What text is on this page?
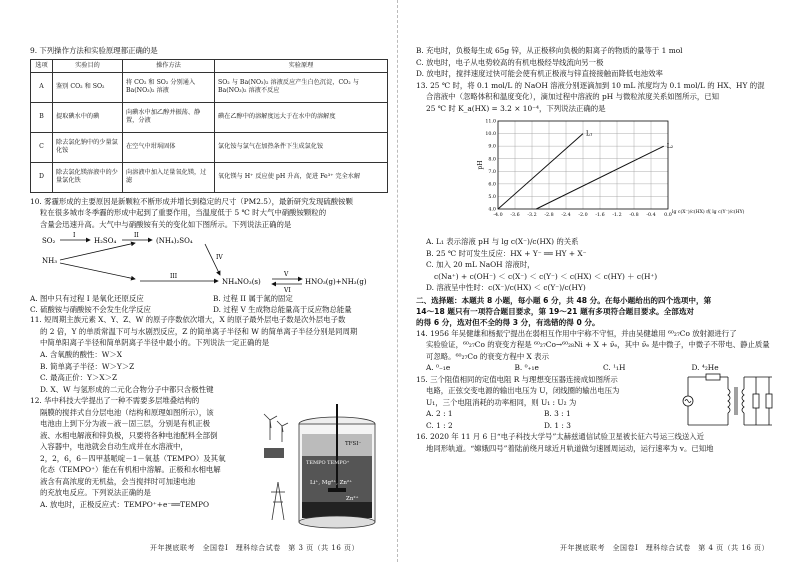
9. 下列操作方法和实验原理都正确的是
选项	实验目的	操作方法	实验原理
A	鉴别 CO₂ 和 SO₂	将 CO₂ 和 SO₂ 分别通入 Ba(NO₃)₂ 溶液	SO₂ 与 Ba(NO₃)₂ 溶液反应产生白色沉淀，CO₂ 与 Ba(NO₃)₂ 溶液不反应
B	提取碘水中的碘	向碘水中加乙醇并振荡、静置，分液	碘在乙醇中的溶解度远大于在水中的溶解度
C	除去氯化钠中的少量氯化铵	在空气中坩埚固体	氯化铵与氯气在加热条件下生成氯化铵
D	除去氯化镁溶液中的少量氯化铁	向溶液中加入足量氧化镁，过滤	氧化镁与 H⁺ 反应使 pH 升高，促进 Fe³⁺ 完全水解
10. 雾霾形成的主要原因是新颗粒不断形成并增长到稳定的尺寸（PM2.5），最新研究发现硫酸铵颗
粒在很多城市冬季霾的形成中起到了重要作用，当温度低于 5 ℃ 时大气中硝酸铵颗粒的
含量会迅速升高。大气中与硝酸铵有关的变化如下图所示。下列说法正确的是
SO₂
I
H₂SO₄
II
(NH₄)₂SO₄
NH₃	IV
III
NH₄NO₃(s)
V
VI
HNO₃(g)+NH₃(g)
A. 图中只有过程 I 是氧化还原反应	B. 过程 II 属于氮的固定
C. 硫酸铵与硝酸铵不会发生化学反应	D. 过程 V 生成物总能量高于反应物总能量
11. 短周期主族元素 X、Y、Z、W 的原子序数依次增大，X 的原子最外层电子数是次外层电子数
的 2 倍，Y 的单质常温下可与水剧烈反应，Z 的简单离子半径和 W 的简单离子半径分别是同周期
中简单阳离子半径和简单阴离子半径中最小的。下列说法一定正确的是
A. 含氧酸的酸性：W＞X
B. 简单离子半径：W＞Y＞Z
C. 最高正价：Y＞X＞Z
D. X、W 与氢形成的二元化合物分子中都只含极性键
12. 华中科技大学提出了一种不需要多层堆叠结构的
隔膜的搅拌式自分层电池（结构和原理如图所示），该
电池由上到下分为液－液－固三层，分别是有机正极
液、水相电解液和锌负极，只要将各种电池配料全部倒
入容器中，电池就会自动生成并在水溶液中，
2，2，6，6－四甲基哌啶－1－氧基（TEMPO）及其氧
化态（TEMPO⁺）能在有机相中溶解。正极和水相电解
液含有高浓度的无机盐，会当搅拌时可加速电池
的充放电反应。下列说法正确的是
A. 放电时，正极反应式：TEMPO⁺+e⁻══TEMPO
TFSI⁻
TEMPO TEMPO⁺
Li⁺, Mg²⁺, Zn²⁺
Zn²⁺
开年摸底联考　全国卷Ⅰ　理科综合试卷　第 3 页（共 16 页）
B. 充电时，负极每生成 65g 锌，从正极移向负极的阳离子的物质的量等于 1 mol
C. 放电时，电子从电势较高的有机电极经导线流向另一极
D. 放电时，搅拌速度过快可能会使有机正极液与锌直接接触而降低电池效率
13. 25 ℃ 时，将 0.1 mol/L 的 NaOH 溶液分别逐滴加到 10 mL 浓度均为 0.1 mol/L 的 HX、HY 的混
合溶液中（忽略体积和温度变化），滴加过程中溶液的 pH 与微粒浓度关系如图所示，已知
25 ℃ 时 K_a(HX) = 3.2 × 10⁻⁴，下列说法正确的是
-4.0 -3.6 -3.2 -2.8 -2.4 -2.0 -1.6 -1.2 -0.8 -0.4 0.0
4.0
5.0
6.0
7.0
8.0
9.0
10.0
11.0
pH
lg c(X⁻)/c(HX) 或 lg c(Y⁻)/c(HY)
L₁
L₂
A. L₁ 表示溶液 pH 与 lg c(X⁻)/c(HX) 的关系
B. 25 ℃ 时可发生反应：HX + Y⁻ ══ HY + X⁻
C. 加入 20 mL NaOH 溶液时，
c(Na⁺) + c(OH⁻) ＜ c(X⁻) ＜ c(Y⁻) ＜ c(HX) ＜ c(HY) ＋ c(H⁺)
D. 溶液呈中性时：c(X⁻)/c(HX) ＜ c(Y⁻)/c(HY)
二、选择题：本题共 8 小题，每小题 6 分，共 48 分。在每小题给出的四个选项中，第
14～18 题只有一项符合题目要求，第 19～21 题有多项符合题目要求。全部选对
的得 6 分，选对但不全的得 3 分，有选错的得 0 分。
14. 1956 年吴健雄和杨振宁提出在弱相互作用中宇称不守恒，并由吴健雄用 ⁶⁰₂₇Co 放射源进行了
实验验证，⁶⁰₂₇Co 的衰变方程是 ⁶⁰₂₇Co→⁶⁰₂₈Ni + X + ν̄ₑ，其中 ν̄ₑ 是中微子，中微子不带电、静止质量
可忽略。⁶⁰₂₇Co 的衰变方程中 X 表示
A. ⁰₋₁e	B. ⁰₊₁e	C. ¹₁H	D. ⁴₂He
15. 三个阻值相同的定值电阻 R 与理想变压器连接成如图所示
电路，正弦交变电源的输出电压为 U，闭线圈的输出电压为
U₁，三个电阻消耗的功率相同，则 U₁ : U₂ 为
A. 2 : 1	B. 3 : 1
C. 1 : 2	D. 1 : 3
16. 2020 年 11 月 6 日“电子科技大学号”太赫兹通信试验卫星被长征六号运三线送入近
地同形轨道。“嫦娥四号”着陆前绕月球近月轨道做匀速圆周运动，运行速率为 v。已知地
开年摸底联考　全国卷Ⅰ　理科综合试卷　第 4 页（共 16 页）
